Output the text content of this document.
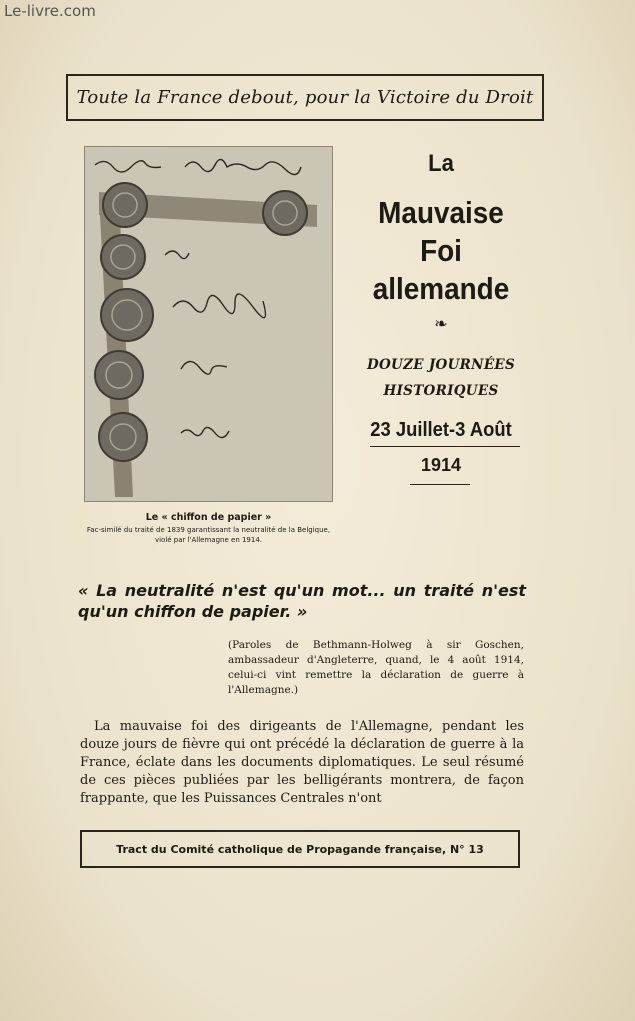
Le-livre.com
Toute la France debout, pour la Victoire du Droit
Le « chiffon de papier »
Fac-similé du traité de 1839 garantissant la neutralité de la Belgique, violé par l'Allemagne en 1914.
La
Mauvaise Foi
allemande
❧
DOUZE JOURNÉES
HISTORIQUES
23 Juillet-3 Août
1914
« La neutralité n'est qu'un mot... un traité n'est qu'un chiffon de papier. »
(Paroles de Bethmann-Holweg à sir Goschen, ambassadeur d'Angleterre, quand, le 4 août 1914, celui-ci vint remettre la déclaration de guerre à l'Allemagne.)
La mauvaise foi des dirigeants de l'Allemagne, pendant les douze jours de fièvre qui ont précédé la déclaration de guerre à la France, éclate dans les documents diplomatiques. Le seul résumé de ces pièces publiées par les belligérants montrera, de façon frappante, que les Puissances Centrales n'ont
Tract du Comité catholique de Propagande française, N° 13
